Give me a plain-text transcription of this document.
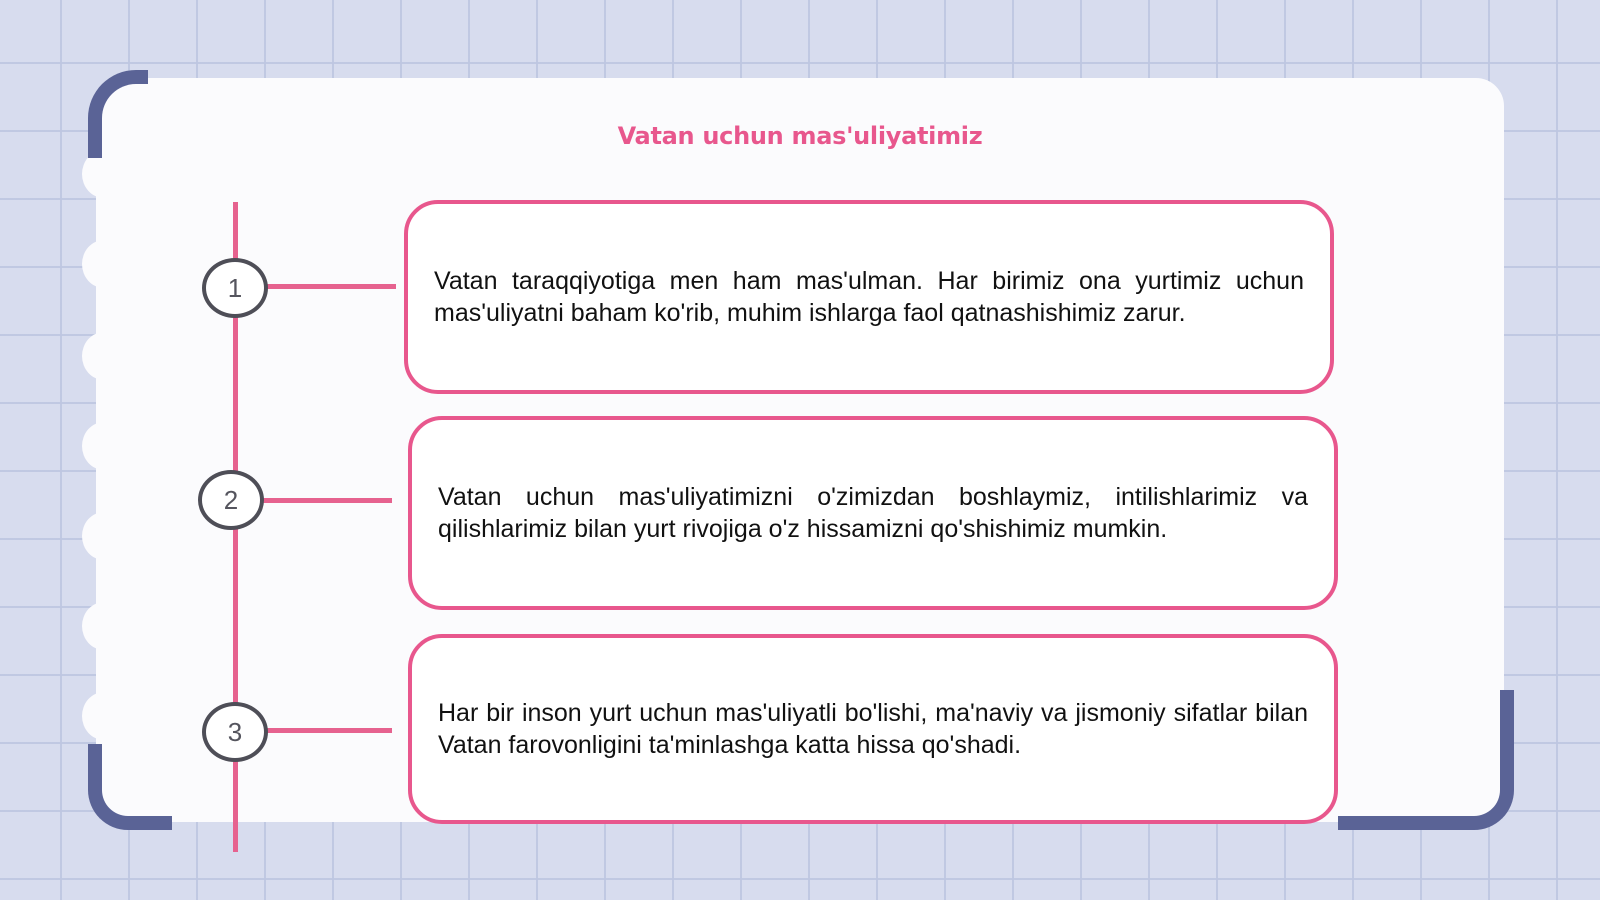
Vatan uchun mas'uliyatimiz
1	Vatan taraqqiyotiga men ham mas'ulman. Har birimiz ona yurtimiz uchun mas'uliyatni baham ko'rib, muhim ishlarga faol qatnashishimiz zarur.

2	Vatan uchun mas'uliyatimizni o'zimizdan boshlaymiz, intilishlarimiz va qilishlarimiz bilan yurt rivojiga o'z hissamizni qo'shishimiz mumkin.

3

Har bir inson yurt uchun mas'uliyatli bo'lishi, ma'naviy va jismoniy sifatlar bilan Vatan farovonligini ta'minlashga katta hissa qo'shadi.
